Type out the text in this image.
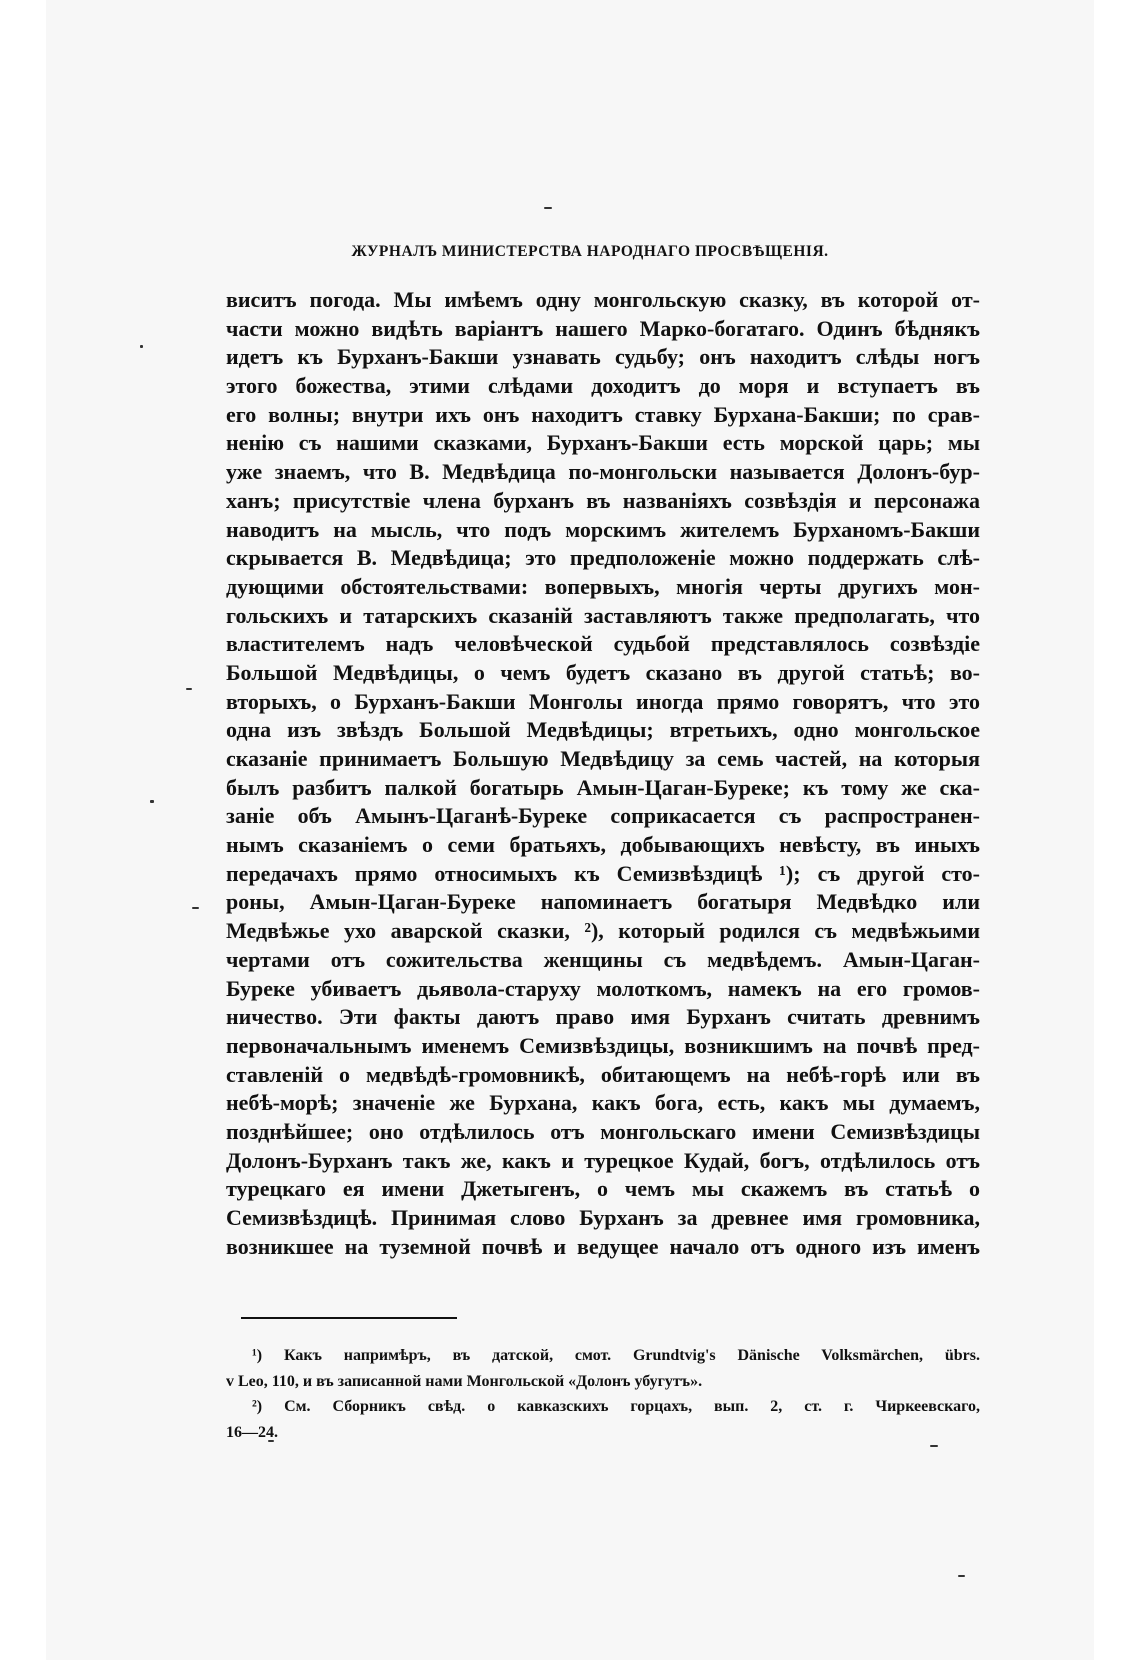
ЖУРНАЛЪ МИНИСТЕРСТВА НАРОДНАГО ПРОСВѢЩЕНІЯ.
виситъ погода. Мы имѣемъ одну монгольскую сказку, въ которой от-
части можно видѣть варіантъ нашего Марко-богатаго. Одинъ бѣднякъ
идетъ къ Бурханъ-Бакши узнавать судьбу; онъ находитъ слѣды ногъ
этого божества, этими слѣдами доходитъ до моря и вступаетъ въ
его волны; внутри ихъ онъ находитъ ставку Бурхана-Бакши; по срав-
ненію съ нашими сказками, Бурханъ-Бакши есть морской царь; мы
уже знаемъ, что В. Медвѣдица по-монгольски называется Долонъ-бур-
ханъ; присутствіе члена бурханъ въ названіяхъ созвѣздія и персонажа
наводитъ на мысль, что подъ морскимъ жителемъ Бурханомъ-Бакши
скрывается В. Медвѣдица; это предположеніе можно поддержать слѣ-
дующими обстоятельствами: вопервыхъ, многія черты другихъ мон-
гольскихъ и татарскихъ сказаній заставляютъ также предполагать, что
властителемъ надъ человѣческой судьбой представлялось созвѣздіе
Большой Медвѣдицы, о чемъ будетъ сказано въ другой статьѣ; во-
вторыхъ, о Бурханъ-Бакши Монголы иногда прямо говорятъ, что это
одна изъ звѣздъ Большой Медвѣдицы; втретьихъ, одно монгольское
сказаніе принимаетъ Большую Медвѣдицу за семь частей, на которыя
былъ разбитъ палкой богатырь Амын-Цаган-Буреке; къ тому же ска-
заніе объ Амынъ-Цаганѣ-Буреке соприкасается съ распространен-
нымъ сказаніемъ о семи братьяхъ, добывающихъ невѣсту, въ иныхъ
передачахъ прямо относимыхъ къ Семизвѣздицѣ ¹); съ другой сто-
роны, Амын-Цаган-Буреке напоминаетъ богатыря Медвѣдко или
Медвѣжье ухо аварской сказки, ²), который родился съ медвѣжьими
чертами отъ сожительства женщины съ медвѣдемъ. Амын-Цаган-
Буреке убиваетъ дьявола-старуху молоткомъ, намекъ на его громов-
ничество. Эти факты даютъ право имя Бурханъ считать древнимъ
первоначальнымъ именемъ Семизвѣздицы, возникшимъ на почвѣ пред-
ставленій о медвѣдѣ-громовникѣ, обитающемъ на небѣ-горѣ или въ
небѣ-морѣ; значеніе же Бурхана, какъ бога, есть, какъ мы думаемъ,
позднѣйшее; оно отдѣлилось отъ монгольскаго имени Семизвѣздицы
Долонъ-Бурханъ такъ же, какъ и турецкое Кудай, богъ, отдѣлилось отъ
турецкаго ея имени Джетыгенъ, о чемъ мы скажемъ въ статьѣ о
Семизвѣздицѣ. Принимая слово Бурханъ за древнее имя громовника,
возникшее на туземной почвѣ и ведущее начало отъ одного изъ именъ
¹) Какъ напримѣръ, въ датской, смот. Grundtvig's Dänische Volksmärchen, übrs.
v Leo, 110, и въ записанной нами Монгольской «Долонъ убугутъ».
²) См. Сборникъ свѣд. о кавказскихъ горцахъ, вып. 2, ст. г. Чиркеевскаго,
16—24.
